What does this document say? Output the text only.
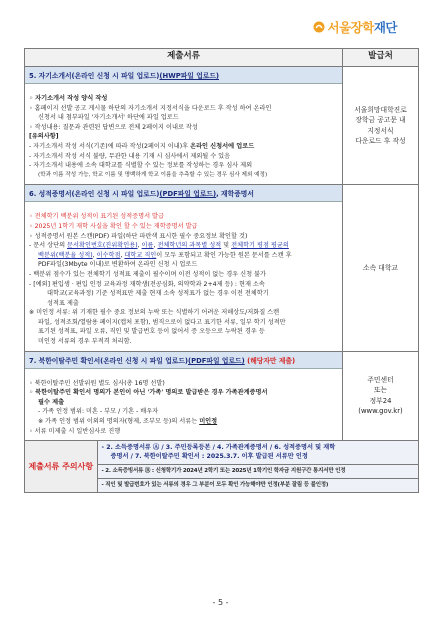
서울장학재단
제출서류	발급처

5. 자기소개서(온라인 신청 시 파일 업로드)(HWP파일 업로드)
◦ 자기소개서 작성 양식 작성
◦ 홈페이지 선발 공고 게시물 하단의 자기소개서 지정서식을 다운로드 후 작성 하여 온라인
신청서 내 첨부파일 '자기소개서' 하단에 파일 업로드
◦ 작성내용: 질문과 관련된 답변으로 전체 2페이지 이내로 작성
[유의사항]
- 자기소개서 작성 서식(기존)에 따라 작성(2페이지 이내)후 온라인 신청서에 업로드
- 자기소개서 작성 서식 불량, 무관한 내용 기재 시 심사에서 제외될 수 있음
- 자기소개서 내용에 소속 대학교를 식별할 수 있는 정보를 작성하는 경우 심사 제외
(학과 이름 작성 가능, 학교 이름 및 명백하게 학교 이름을 추측할 수 있는 경우 심사 제외 예정)

서울희망대학진로
장학금 공고문 내
지정서식
다운로드 후 작성

6. 성적증명서(온라인 신청 시 파일 업로드)(PDF파일 업로드), 재학증명서
◦ 전체학기 백분위 성적이 표기된 성적증명서 발급
◦ 2025년 1학기 재학 사실을 확인 할 수 있는 재학증명서 발급
◦ 성적증명서 원본 스캔(PDF) 파일(하단 파란색 표시한 필수 중요정보 확인할 것)
- 문서 상단의 문서확인번호(진위확인용), 이름, 전체학년의 과목별 성적 및 전체학기 평점 평균의
백분위(백분율 성적), 이수학점, 대학교 직인이 모두 포함되고 확인 가능한 원본 문서를 스캔 후
PDF파일(3Mbyte 이내)로 변환하여 온라인 신청 시 업로드
- 백분위 점수가 있는 전체학기 성적표 제출이 필수이며 이전 성적이 없는 경우 신청 불가
- [예외] 편입생 · 편입 인정 교육과정 재학생(전공심화, 의약학과 2+4제 등) : 현재 소속
대학교(교육과정) 기준 성적표만 제출 현재 소속 성적표가 없는 경우 이전 전체학기
성적표 제출
※ 미인정 서류: 위 기재한 필수 중요 정보의 누락 또는 식별하기 어려운 저해상도/저화질 스캔
파일, 성적조회/열람용 페이지(캡처 포함), 범직으로이 없다고 표기한 서류, 일부 학기 성적만
표기된 성적표, 파일 오류, 직인 및 발급번호 등이 없어서 증 오등으로 누락된 경우 등
미인정 서류의 경우 부적격 처리함.
	소속 대학교

7. 북한이탈주민 확인서(온라인 신청 시 파일 업로드)(PDF파일 업로드) (해당자만 제출)
◦ 북한이탈주민 선발위원 별도 심사(총 16명 선발)
◦ 북한이탈주민 확인서 명의가 본인이 아닌 '가족' 명의로 발급받은 경우 가족관계증명서
필수 제출
- 가족 인정 범위: 미혼 - 부모 / 기혼 - 배우자
※ 가족 인정 범위 이외의 명의자(형제, 조부모 등)의 서류는 미인정
◦ 서류 미제출 시 일반심사로 진행

주민센터
또는
정부24
(www.gov.kr)

제출서류 주의사항	
- 2. 소득증명서류 Ⓐ / 3. 주민등록등본 / 4. 가족관계증명서 / 6. 성적증명서 및 재학
증명서 / 7. 북한이탈주민 확인서 : 2025.3.7. 이후 발급된 서류만 인정
- 2. 소득증빙서류 Ⓑ : 신청학기가 2024년 2학기 또는 2025년 1학기인 학자금 지원구간 통지서만 인정
- 직인 및 발급번호가 있는 서류의 경우 그 부분이 모두 확인 가능해야만 인정(부분 잘림 등 불인정)
- 5 -
